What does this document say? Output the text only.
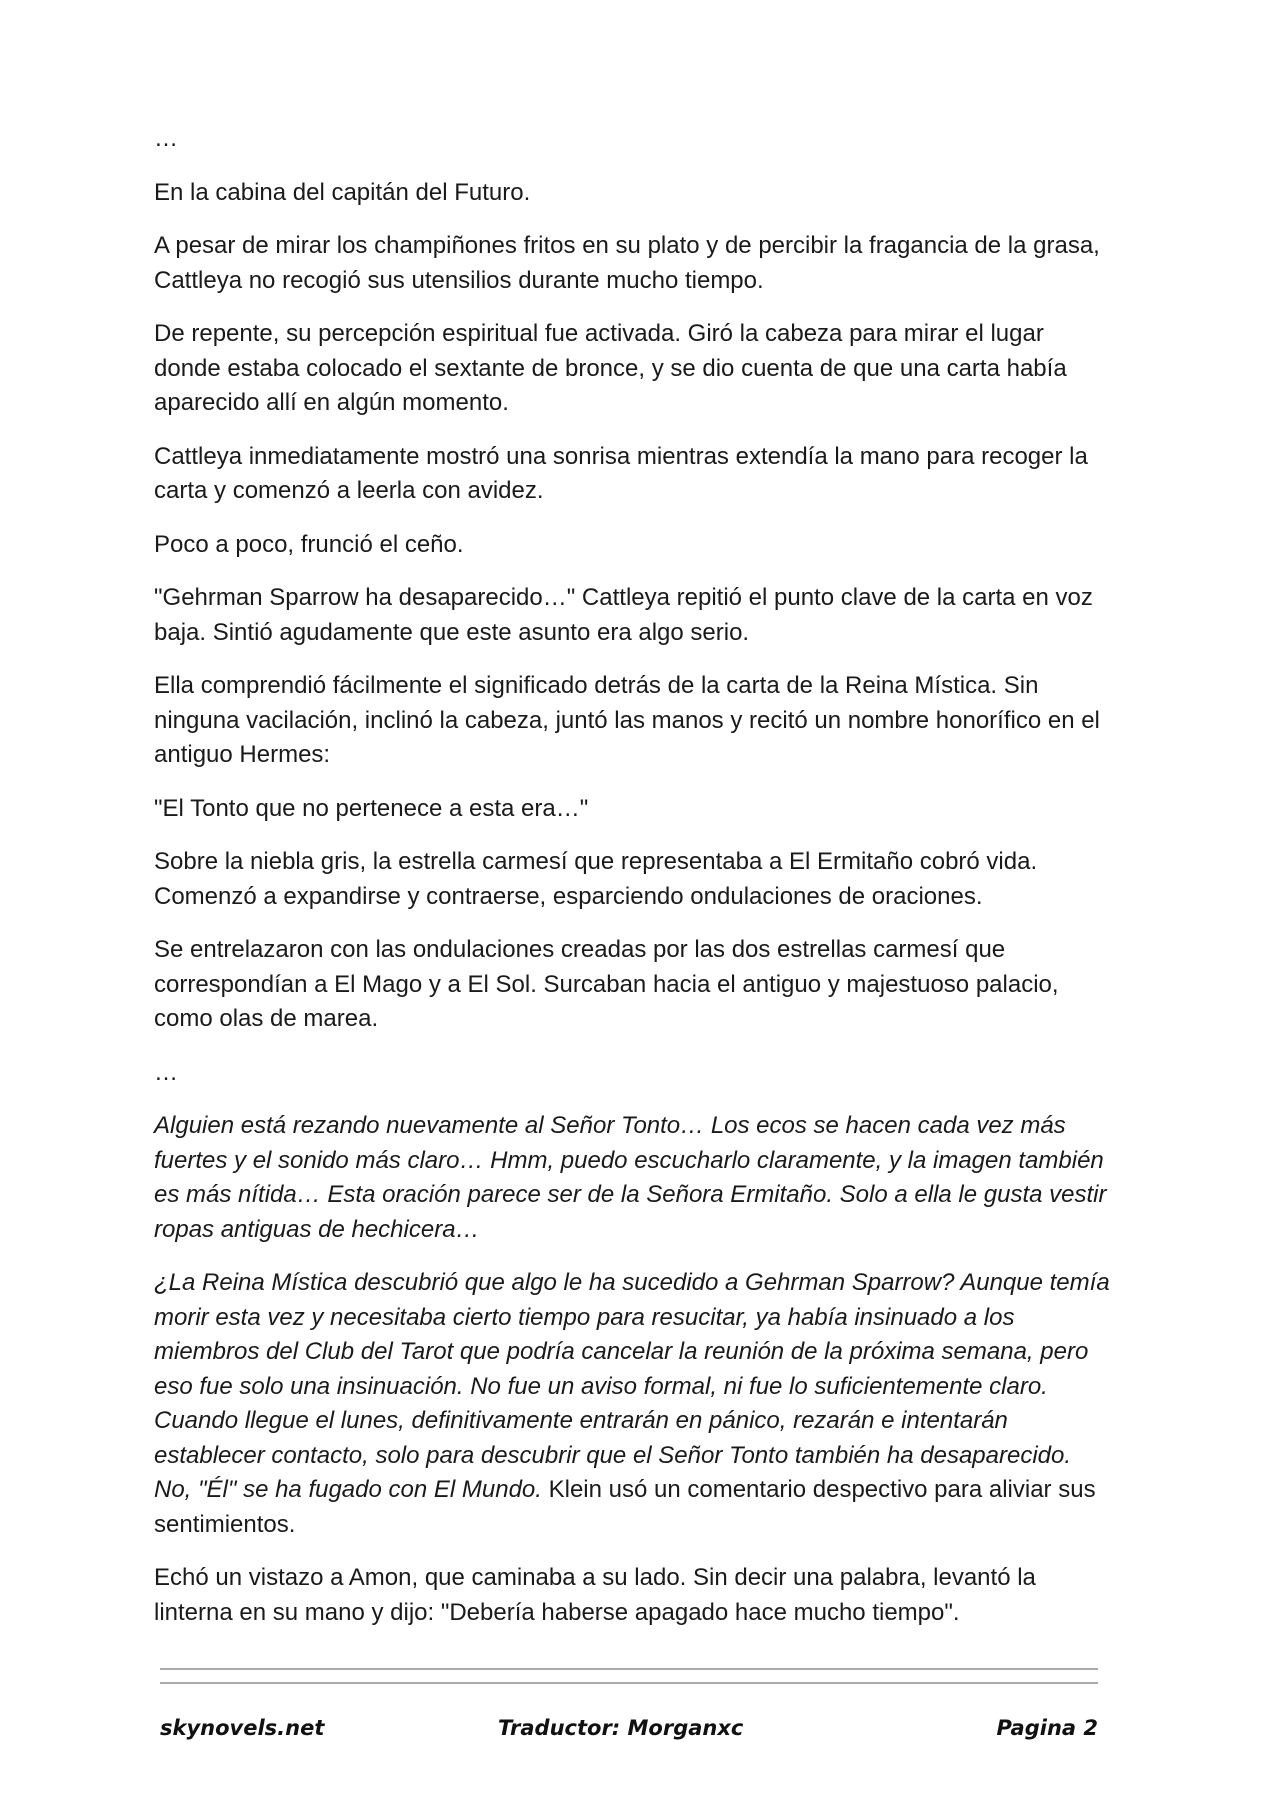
…

En la cabina del capitán del Futuro.

A pesar de mirar los champiñones fritos en su plato y de percibir la fragancia de la grasa, Cattleya no recogió sus utensilios durante mucho tiempo.

De repente, su percepción espiritual fue activada. Giró la cabeza para mirar el lugar donde estaba colocado el sextante de bronce, y se dio cuenta de que una carta había aparecido allí en algún momento.

Cattleya inmediatamente mostró una sonrisa mientras extendía la mano para recoger la carta y comenzó a leerla con avidez.

Poco a poco, frunció el ceño.

"Gehrman Sparrow ha desaparecido…" Cattleya repitió el punto clave de la carta en voz baja. Sintió agudamente que este asunto era algo serio.

Ella comprendió fácilmente el significado detrás de la carta de la Reina Mística. Sin ninguna vacilación, inclinó la cabeza, juntó las manos y recitó un nombre honorífico en el antiguo Hermes:

"El Tonto que no pertenece a esta era…"

Sobre la niebla gris, la estrella carmesí que representaba a El Ermitaño cobró vida. Comenzó a expandirse y contraerse, esparciendo ondulaciones de oraciones.

Se entrelazaron con las ondulaciones creadas por las dos estrellas carmesí que correspondían a El Mago y a El Sol. Surcaban hacia el antiguo y majestuoso palacio, como olas de marea.

…

Alguien está rezando nuevamente al Señor Tonto… Los ecos se hacen cada vez más fuertes y el sonido más claro… Hmm, puedo escucharlo claramente, y la imagen también es más nítida… Esta oración parece ser de la Señora Ermitaño. Solo a ella le gusta vestir ropas antiguas de hechicera…

¿La Reina Mística descubrió que algo le ha sucedido a Gehrman Sparrow? Aunque temía morir esta vez y necesitaba cierto tiempo para resucitar, ya había insinuado a los miembros del Club del Tarot que podría cancelar la reunión de la próxima semana, pero eso fue solo una insinuación. No fue un aviso formal, ni fue lo suficientemente claro. Cuando llegue el lunes, definitivamente entrarán en pánico, rezarán e intentarán establecer contacto, solo para descubrir que el Señor Tonto también ha desaparecido. No, "Él" se ha fugado con El Mundo. Klein usó un comentario despectivo para aliviar sus sentimientos.

Echó un vistazo a Amon, que caminaba a su lado. Sin decir una palabra, levantó la linterna en su mano y dijo: "Debería haberse apagado hace mucho tiempo".

skynovels.net	Traductor: Morganxc	Pagina 2
